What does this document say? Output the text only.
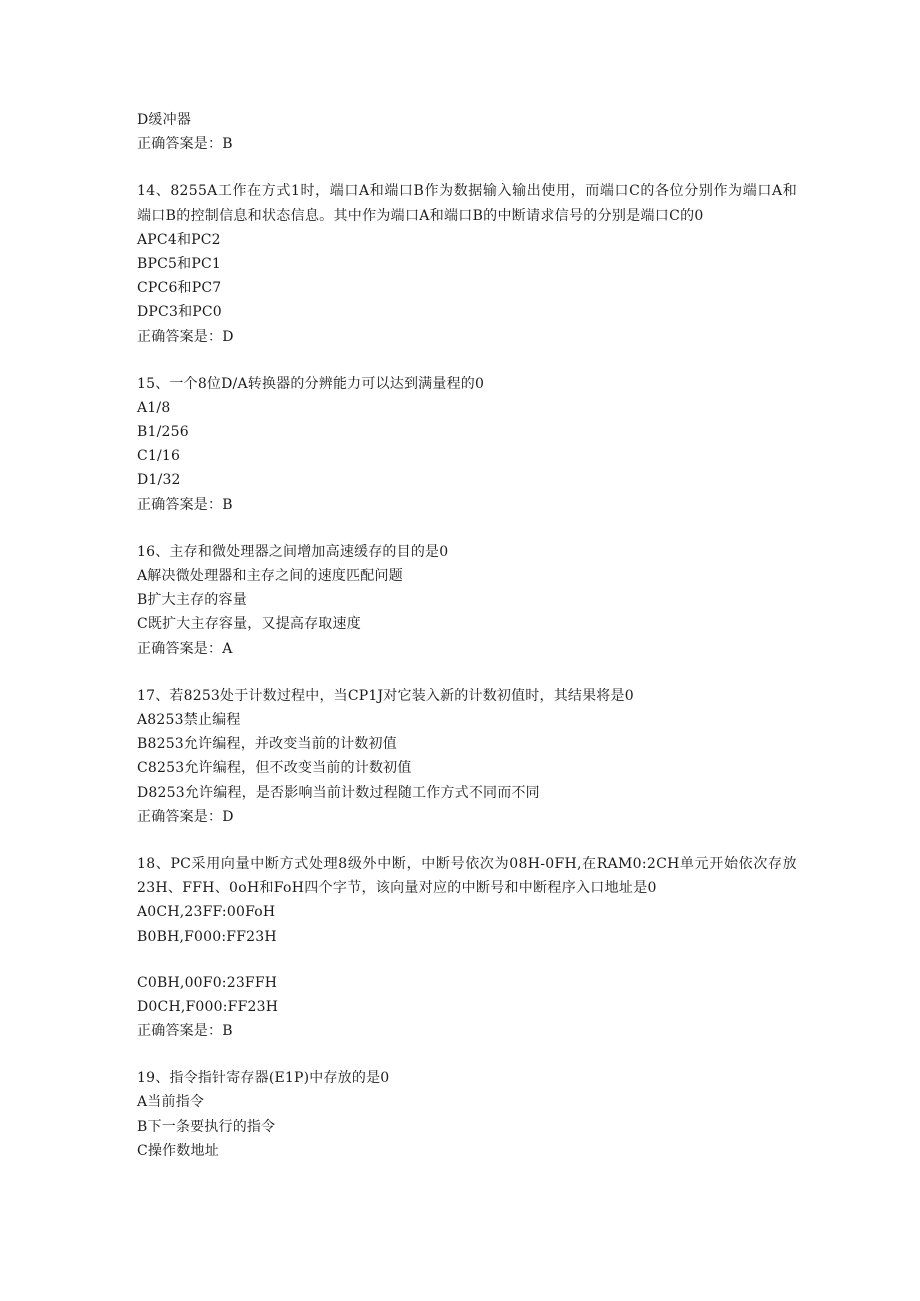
D缓冲器
正确答案是：B
14、8255A工作在方式1时，端口A和端口B作为数据输入输出使用，而端口C的各位分别作为端口A和端口B的控制信息和状态信息。其中作为端口A和端口B的中断请求信号的分别是端口C的0
APC4和PC2
BPC5和PC1
CPC6和PC7
DPC3和PC0
正确答案是：D
15、一个8位D/A转换器的分辨能力可以达到满量程的0
A1/8
B1/256
C1/16
D1/32
正确答案是：B
16、主存和微处理器之间增加高速缓存的目的是0
A解决微处理器和主存之间的速度匹配问题
B扩大主存的容量
C既扩大主存容量，又提高存取速度
正确答案是：A
17、若8253处于计数过程中，当CP1J对它装入新的计数初值时，其结果将是0
A8253禁止编程
B8253允许编程，并改变当前的计数初值
C8253允许编程，但不改变当前的计数初值
D8253允许编程，是否影响当前计数过程随工作方式不同而不同
正确答案是：D
18、PC采用向量中断方式处理8级外中断，中断号依次为08H-0FH,在RAM0:2CH单元开始依次存放23H、FFH、0oH和FoH四个字节，该向量对应的中断号和中断程序入口地址是0
A0CH,23FF:00FoH
B0BH,F000:FF23H
C0BH,00F0:23FFH
D0CH,F000:FF23H
正确答案是：B
19、指令指针寄存器(E1P)中存放的是0
A当前指令
B下一条要执行的指令
C操作数地址
